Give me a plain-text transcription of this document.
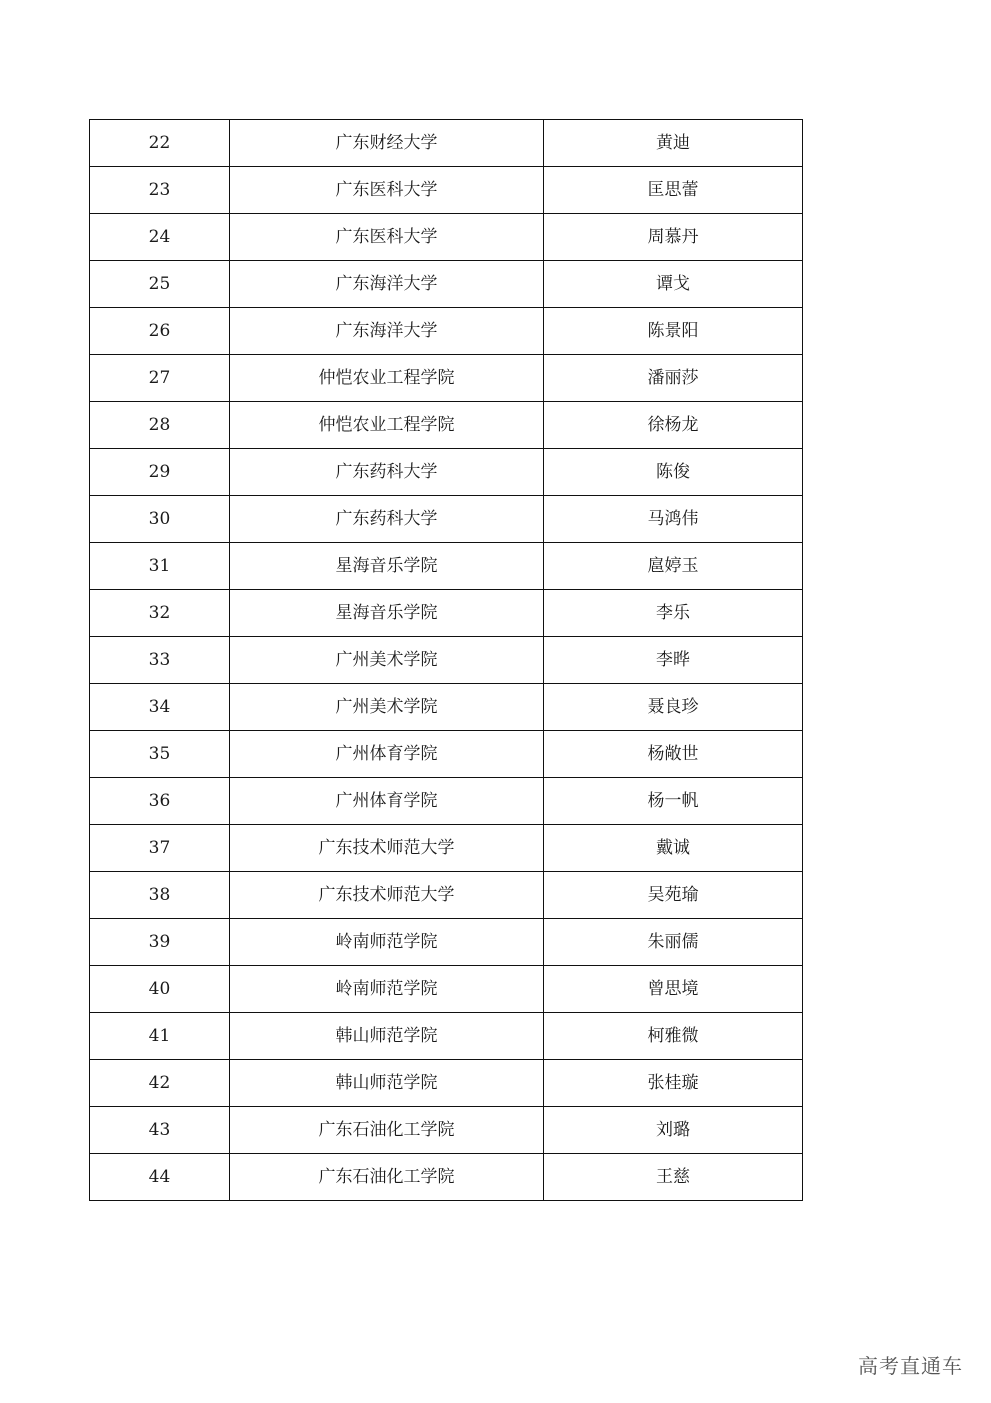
22	广东财经大学	黄迪
23	广东医科大学	匡思蕾
24	广东医科大学	周慕丹
25	广东海洋大学	谭戈
26	广东海洋大学	陈景阳
27	仲恺农业工程学院	潘丽莎
28	仲恺农业工程学院	徐杨龙
29	广东药科大学	陈俊
30	广东药科大学	马鸿伟
31	星海音乐学院	扈婷玉
32	星海音乐学院	李乐
33	广州美术学院	李晔
34	广州美术学院	聂良珍
35	广州体育学院	杨敞世
36	广州体育学院	杨一帆
37	广东技术师范大学	戴诚
38	广东技术师范大学	吴苑瑜
39	岭南师范学院	朱丽儒
40	岭南师范学院	曾思境
41	韩山师范学院	柯雅微
42	韩山师范学院	张桂璇
43	广东石油化工学院	刘璐
44	广东石油化工学院	王慈
高考直通车
